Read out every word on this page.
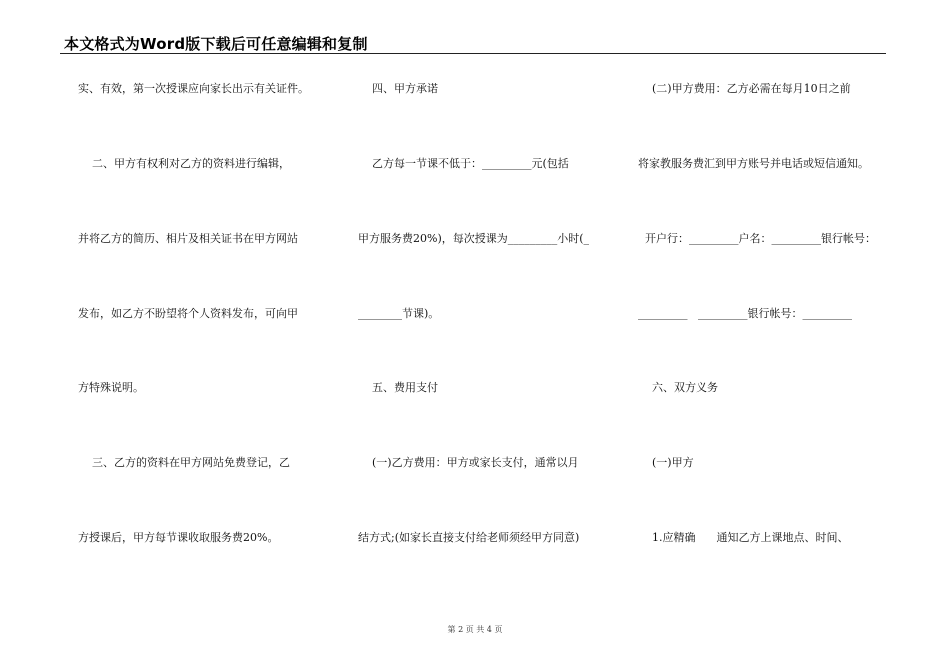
本文格式为Word版下载后可任意编辑和复制
实、有效，第一次授课应向家长出示有关证件。
二、甲方有权利对乙方的资料进行编辑，
并将乙方的简历、相片及相关证书在甲方网站
发布，如乙方不盼望将个人资料发布，可向甲
方特殊说明。
三、乙方的资料在甲方网站免费登记，乙
方授课后，甲方每节课收取服务费20%。
四、甲方承诺
乙方每一节课不低于：_________元(包括
甲方服务费20%)，每次授课为_________小时(_
________节课)。
五、费用支付
(一)乙方费用：甲方或家长支付，通常以月
结方式;(如家长直接支付给老师须经甲方同意)
(二)甲方费用：乙方必需在每月10日之前
将家教服务费汇到甲方账号并电话或短信通知。
开户行：_________户名：_________银行帐号：
_________   _________银行帐号：_________
六、双方义务
(一)甲方
1.应精确      通知乙方上课地点、时间、
第 2 页 共 4 页
